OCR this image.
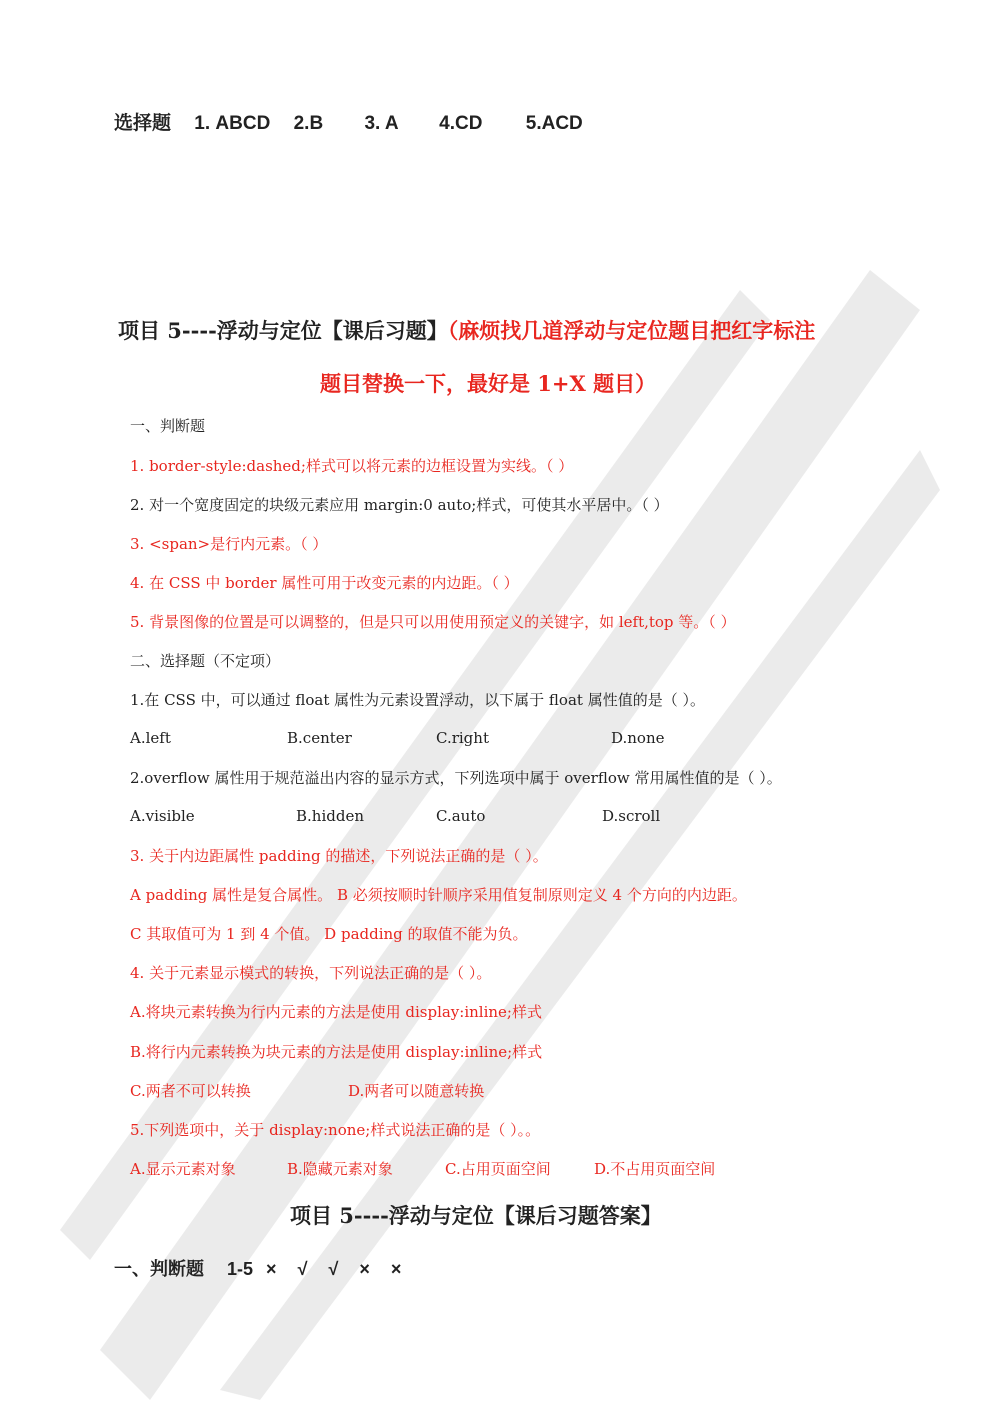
选择题 1. ABCD 2.B 3. A 4.CD 5.ACD
项目 5----浮动与定位【课后习题】（麻烦找几道浮动与定位题目把红字标注
题目替换一下，最好是 1+X 题目）
一、判断题
1. border-style:dashed;样式可以将元素的边框设置为实线。（ ）
2. 对一个宽度固定的块级元素应用 margin:0 auto;样式，可使其水平居中。（ ）
3. <span>是行内元素。（ ）
4. 在 CSS 中 border 属性可用于改变元素的内边距。（ ）
5. 背景图像的位置是可以调整的，但是只可以用使用预定义的关键字，如 left,top 等。（ ）
二、选择题（不定项）
1.在 CSS 中，可以通过 float 属性为元素设置浮动，以下属于 float 属性值的是（ ）。
A.left	B.center	C.right	D.none
2.overflow 属性用于规范溢出内容的显示方式，下列选项中属于 overflow 常用属性值的是（ ）。
A.visible	B.hidden	C.auto	D.scroll
3. 关于内边距属性 padding 的描述，下列说法正确的是（ ）。
A padding 属性是复合属性。 B 必须按顺时针顺序采用值复制原则定义 4 个方向的内边距。
C 其取值可为 1 到 4 个值。 D padding 的取值不能为负。
4. 关于元素显示模式的转换，下列说法正确的是（ ）。
A.将块元素转换为行内元素的方法是使用 display:inline;样式
B.将行内元素转换为块元素的方法是使用 display:inline;样式
C.两者不可以转换	D.两者可以随意转换
5.下列选项中，关于 display:none;样式说法正确的是（ ）。。
A.显示元素对象	B.隐藏元素对象	C.占用页面空间	D.不占用页面空间
项目 5----浮动与定位【课后习题答案】
一、判断题 1-5 × √ √ × ×
